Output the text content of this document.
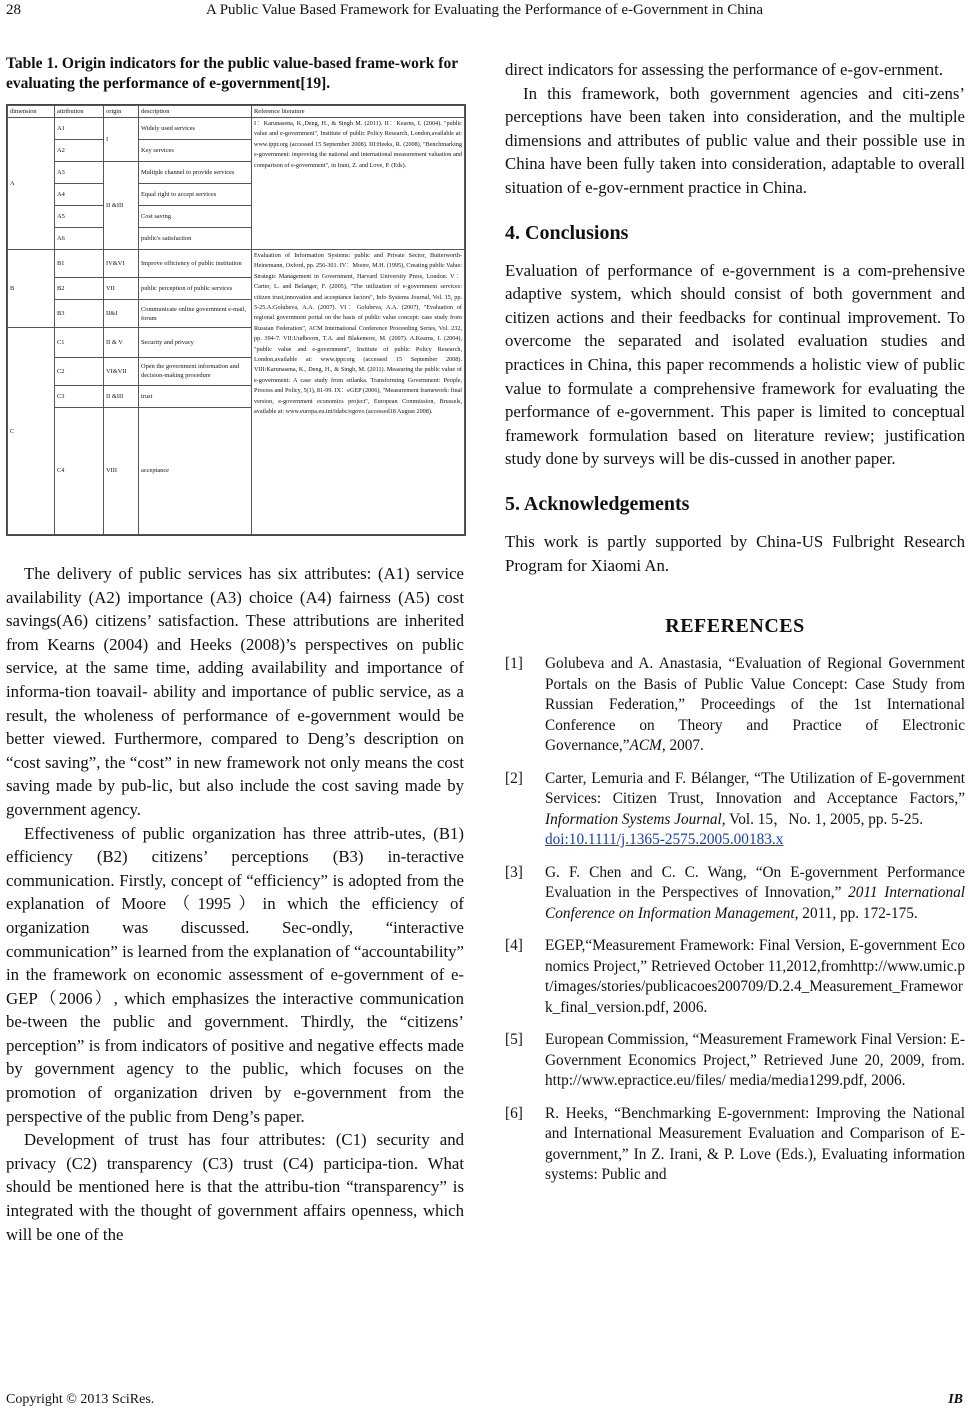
28	A Public Value Based Framework for Evaluating the Performance of e-Government in China
Table 1. Origin indicators for the public value-based frame-work for evaluating the performance of e-government[19].
dimension	attribution	origin	description	Reference literature
A	A1	I	Widely used services	I：Karunasena, K.,Deng, H., & Singh M. (2011). II：Kearns, I. (2004). "public value and e-government", Institute of public Policy Research, London,available at: www.ippr.org (accessed 15 September 2008). III:Heeks, R. (2008), "Benchmarking e-government: improving the national and international measurement valuation and comparison of e-government", in Irani, Z. and Love, P. (Eds).
	A2		Key services	
	A3	II &III	Multiple channel to provide services	
	A4		Equal right to accept services	
	A5		Cost saving	
	A6		public's satisfaction	
B	B1	IV&VI	Improve efficiency of public institution	Evaluation of Information Systems: public and Private Sector, Butterworth-Heinemann, Oxford, pp. 256-301. IV：Moore, M.H. (1995), Creating public Value: Strategic Management in Government, Harvard University Press, London. V：Carter, L. and Belanger, F. (2005), "The utilization of e-government services: citizen trust,innovation and acceptance factors", Info Systems Journal, Vol. 15, pp. 5-25.A:Golubeva, A.A. (2007). VI：Golubeva, A.A. (2007), "Evaluation of regional government portal on the basis of public value concept: case study from Russian Federation", ACM International Conference Proceeding Series, Vol. 232, pp. 394-7. VII:Uudhoorn, T.A. and Blakemore, M. (2007). A.Kearns, I. (2004), "public value and e-government", Institute of public Policy Research, London,available at: www.ippr.org (accessed 15 September 2008). VIII:Karunasena, K., Deng, H., & Singh, M. (2011). Measuring the public value of e-government: A case study from srilanka. Transforming Government: People, Process and Policy, 5(1), 81-99. IX：eGEP (2006), "Measurement framework: final version, e-government economics project", European Commission, Brussels, available at: www.europa.eu.int/idabc/egovo (accessed18 August 2008).
	B2	VII	public perception of public services	
	B3	II&I	Communicate online government e-mail, forum	
C	C1	II & V	Security and privacy	
	C2	VI&VII	Open the government information and decision-making procedure	
	C3	II &III	trust	
	C4	VIII	acceptance	

The delivery of public services has six attributes: (A1) service availability (A2) importance (A3) choice (A4) fairness (A5) cost savings(A6) citizens’ satisfaction. These attributions are inherited from Kearns (2004) and Heeks (2008)’s perspectives on public service, at the same time, adding availability and importance of informa-tion toavail- ability and importance of public service, as a result, the wholeness of performance of e-government would be better viewed. Furthermore, compared to Deng’s description on “cost saving”, the “cost” in new framework not only means the cost saving made by pub-lic, but also include the cost saving made by government agency.

Effectiveness of public organization has three attrib-utes, (B1) efficiency (B2) citizens’ perceptions (B3) in-teractive communication. Firstly, concept of “efficiency” is adopted from the explanation of Moore（1995）in which the efficiency of organization was discussed. Sec-ondly, “interactive communication” is learned from the explanation of “accountability” in the framework on economic assessment of e-government of e-GEP（2006）, which emphasizes the interactive communication be-tween the public and government. Thirdly, the “citizens’ perception” is from indicators of positive and negative effects made by government agency to the public, which focuses on the promotion of organization driven by e-government from the perspective of the public from Deng’s paper.

Development of trust has four attributes: (C1) security and privacy (C2) transparency (C3) trust (C4) participa-tion. What should be mentioned here is that the attribu-tion “transparency” is integrated with the thought of government affairs openness, which will be one of the

direct indicators for assessing the performance of e-gov-ernment.

In this framework, both government agencies and citi-zens’ perceptions have been taken into consideration, and the multiple dimensions and attributes of public value and their possible use in China have been fully taken into consideration, adaptable to overall situation of e-gov-ernment practice in China.

4. Conclusions

Evaluation of performance of e-government is a com-prehensive adaptive system, which should consist of both government and citizen actions and their feedbacks for continual improvement. To overcome the separated and isolated evaluation studies and practices in China, this paper recommends a holistic view of public value to formulate a comprehensive framework for evaluating the performance of e-government. This paper is limited to conceptual framework formulation based on literature review; justification study done by surveys will be dis-cussed in another paper.

5. Acknowledgements

This work is partly supported by China-US Fulbright Research Program for Xiaomi An.

REFERENCES
[1]	Golubeva and A. Anastasia, “Evaluation of Regional Government Portals on the Basis of Public Value Concept: Case Study from Russian Federation,” Proceedings of the 1st International Conference on Theory and Practice of Electronic Governance,”ACM, 2007.
[2]	Carter, Lemuria and F. Bélanger, “The Utilization of E‐government Services: Citizen Trust, Innovation and Acceptance Factors,” Information Systems Journal, Vol. 15，No. 1, 2005, pp. 5-25.
doi:10.1111/j.1365-2575.2005.00183.x
[3]	G. F. Chen and C. C. Wang, “On E-government Performance Evaluation in the Perspectives of Innovation,” 2011 International Conference on Information Management, 2011, pp. 172-175.
[4]	EGEP,“Measurement Framework: Final Version, E-government Economics Project,” Retrieved October 11,2012,fromhttp://www.umic.pt/images/stories/publicacoes200709/D.2.4_Measurement_Framework_final_version.pdf, 2006.
[5]	European Commission, “Measurement Framework Final Version: E-Government Economics Project,” Retrieved June 20, 2009, from. http://www.epractice.eu/files/ media/media1299.pdf, 2006.
[6]	R. Heeks, “Benchmarking E-government: Improving the National and International Measurement Evaluation and Comparison of E-government,” In Z. Irani, & P. Love (Eds.), Evaluating information systems: Public and
Copyright © 2013 SciRes.	IB
